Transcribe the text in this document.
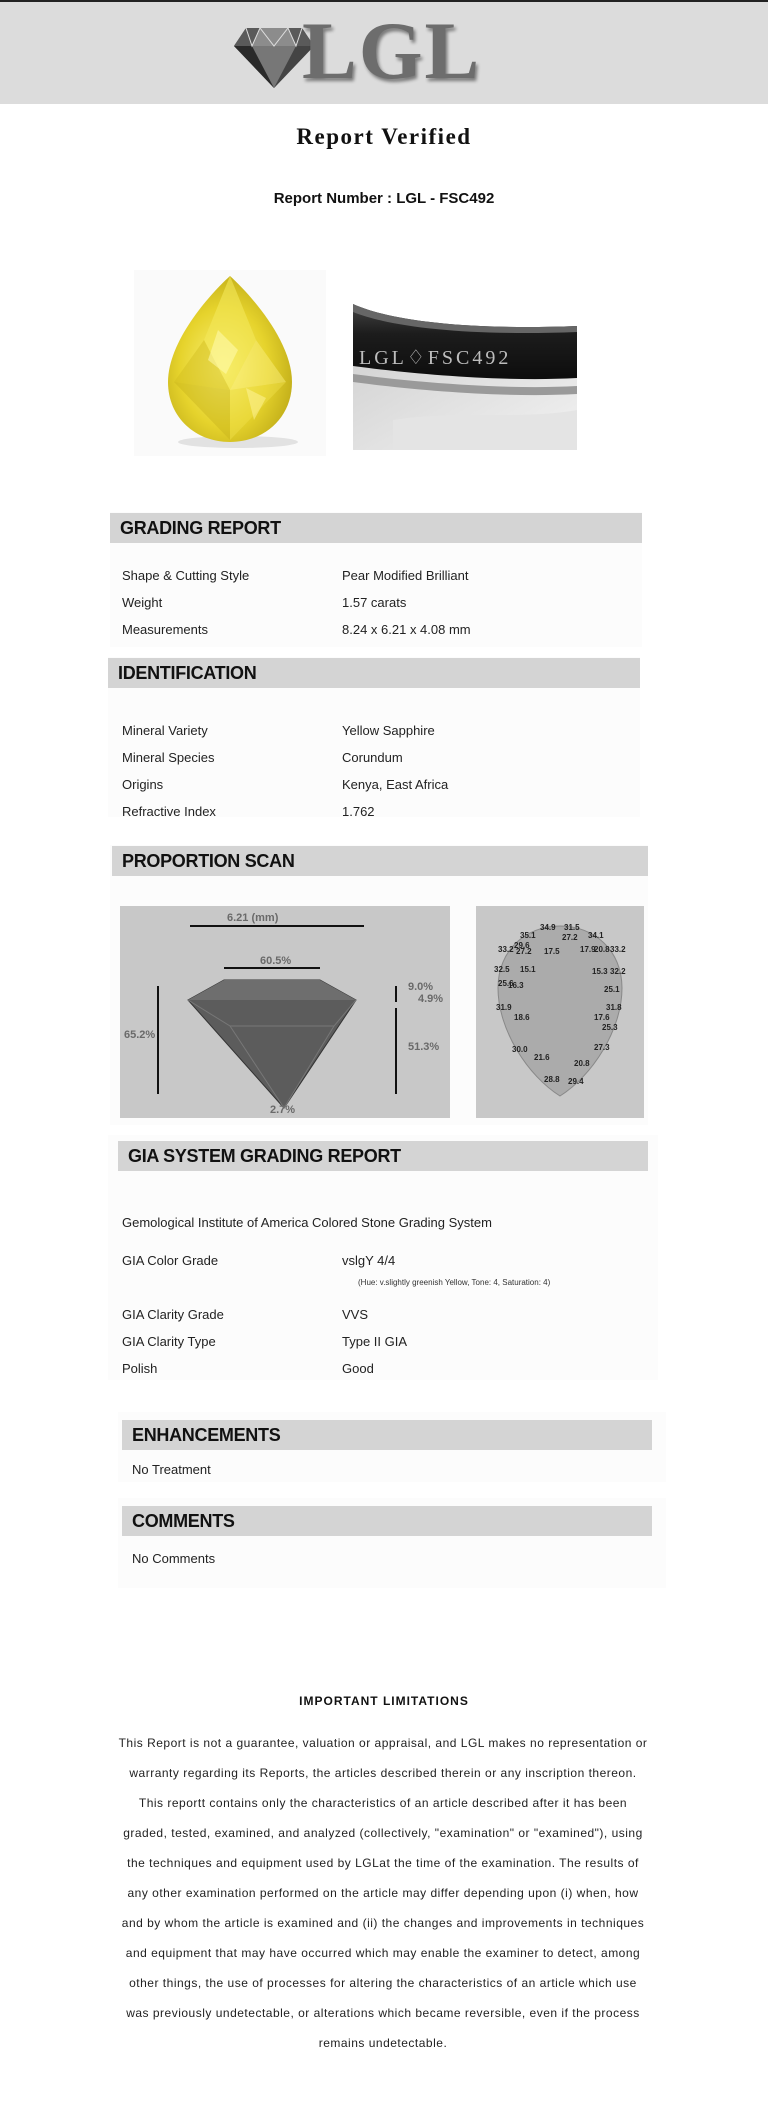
LGL
Report Verified
Report Number : LGL - FSC492
LGL♢FSC492
GRADING REPORT
Shape & Cutting Style	Pear Modified Brilliant
Weight	1.57 carats
Measurements	8.24 x 6.21 x 4.08 mm
IDENTIFICATION
Mineral Variety	Yellow Sapphire
Mineral Species	Corundum
Origins	Kenya, East Africa
Refractive Index	1.762
PROPORTION SCAN
6.21 (mm)
60.5%
65.2%
9.0%
4.9%
51.3%
2.7%
34.9 31.5
35.1	27.2 34.1
29.6	17.9
20.8 33.2
33.2 27.2 17.5
32.5 15.1	15.3 32.2
25.6
16.3	25.1
31.9	31.8
18.6	17.6
25.3
30.0	27.3
21.6
20.8
28.8 29.4
GIA SYSTEM GRADING REPORT
Gemological Institute of America Colored Stone Grading System
GIA Color Grade	vslgY 4/4
(Hue: v.slightly greenish Yellow, Tone: 4, Saturation: 4)
GIA Clarity Grade	VVS
GIA Clarity Type	Type II GIA
Polish	Good
ENHANCEMENTS
No Treatment
COMMENTS
No Comments
IMPORTANT LIMITATIONS
This Report is not a guarantee, valuation or appraisal, and LGL makes no representation or warranty regarding its Reports, the articles described therein or any inscription thereon. This reportt contains only the characteristics of an article described after it has been graded, tested, examined, and analyzed (collectively, "examination" or "examined"), using the techniques and equipment used by LGLat the time of the examination. The results of any other examination performed on the article may differ depending upon (i) when, how and by whom the article is examined and (ii) the changes and improvements in techniques and equipment that may have occurred which may enable the examiner to detect, among other things, the use of processes for altering the characteristics of an article which use was previously undetectable, or alterations which became reversible, even if the process remains undetectable.
